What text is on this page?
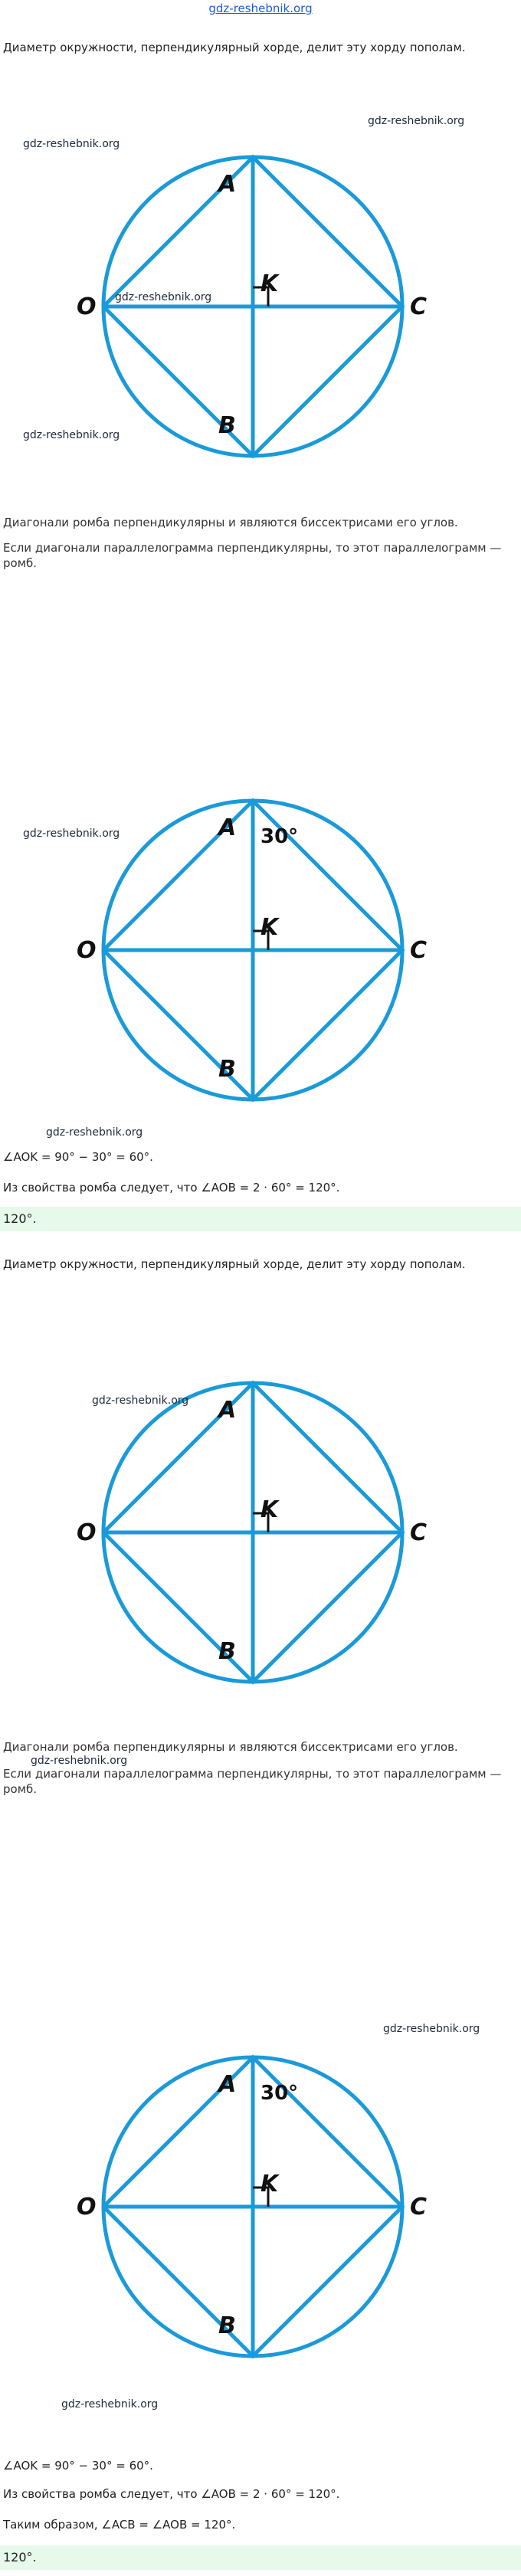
gdz-reshebnik.org
Диаметр окружности, перпендикулярный хорде, делит эту хорду пополам.
A
B
O	C
K
Диагонали ромба перпендикулярны и являются биссектрисами его углов.
Если диагонали параллелограмма перпендикулярны, то этот параллелограмм — ромб.
A
B
O	C
K
30°
∠AOK = 90° − 30° = 60°.
Из свойства ромба следует, что ∠AOB = 2 · 60° = 120°.
120°.
Диаметр окружности, перпендикулярный хорде, делит эту хорду пополам.
A
B
O	C
K
Диагонали ромба перпендикулярны и являются биссектрисами его углов.
Если диагонали параллелограмма перпендикулярны, то этот параллелограмм — ромб.
A
B
O	C
K
30°
∠AOK = 90° − 30° = 60°.
Из свойства ромба следует, что ∠AOB = 2 · 60° = 120°.
Таким образом, ∠ACB = ∠AOB = 120°.
120°.
gdz-reshebnik.org
gdz-reshebnik.org
gdz-reshebnik.org
gdz-reshebnik.org
gdz-reshebnik.org
gdz-reshebnik.org
gdz-reshebnik.org
gdz-reshebnik.org
gdz-reshebnik.org
gdz-reshebnik.org
